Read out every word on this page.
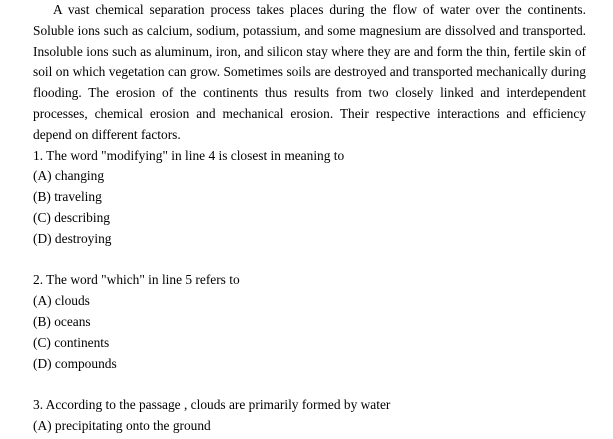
A vast chemical separation process takes places during the flow of water over the continents. Soluble ions such as calcium, sodium, potassium, and some magnesium are dissolved and transported. Insoluble ions such as aluminum, iron, and silicon stay where they are and form the thin, fertile skin of soil on which vegetation can grow. Sometimes soils are destroyed and transported mechanically during flooding. The erosion of the continents thus results from two closely linked and interdependent processes, chemical erosion and mechanical erosion. Their respective interactions and efficiency depend on different factors.

1. The word "modifying" in line 4 is closest in meaning to
(A) changing
(B) traveling
(C) describing
(D) destroying
2. The word "which" in line 5 refers to
(A) clouds
(B) oceans
(C) continents
(D) compounds
3. According to the passage , clouds are primarily formed by water
(A) precipitating onto the ground
